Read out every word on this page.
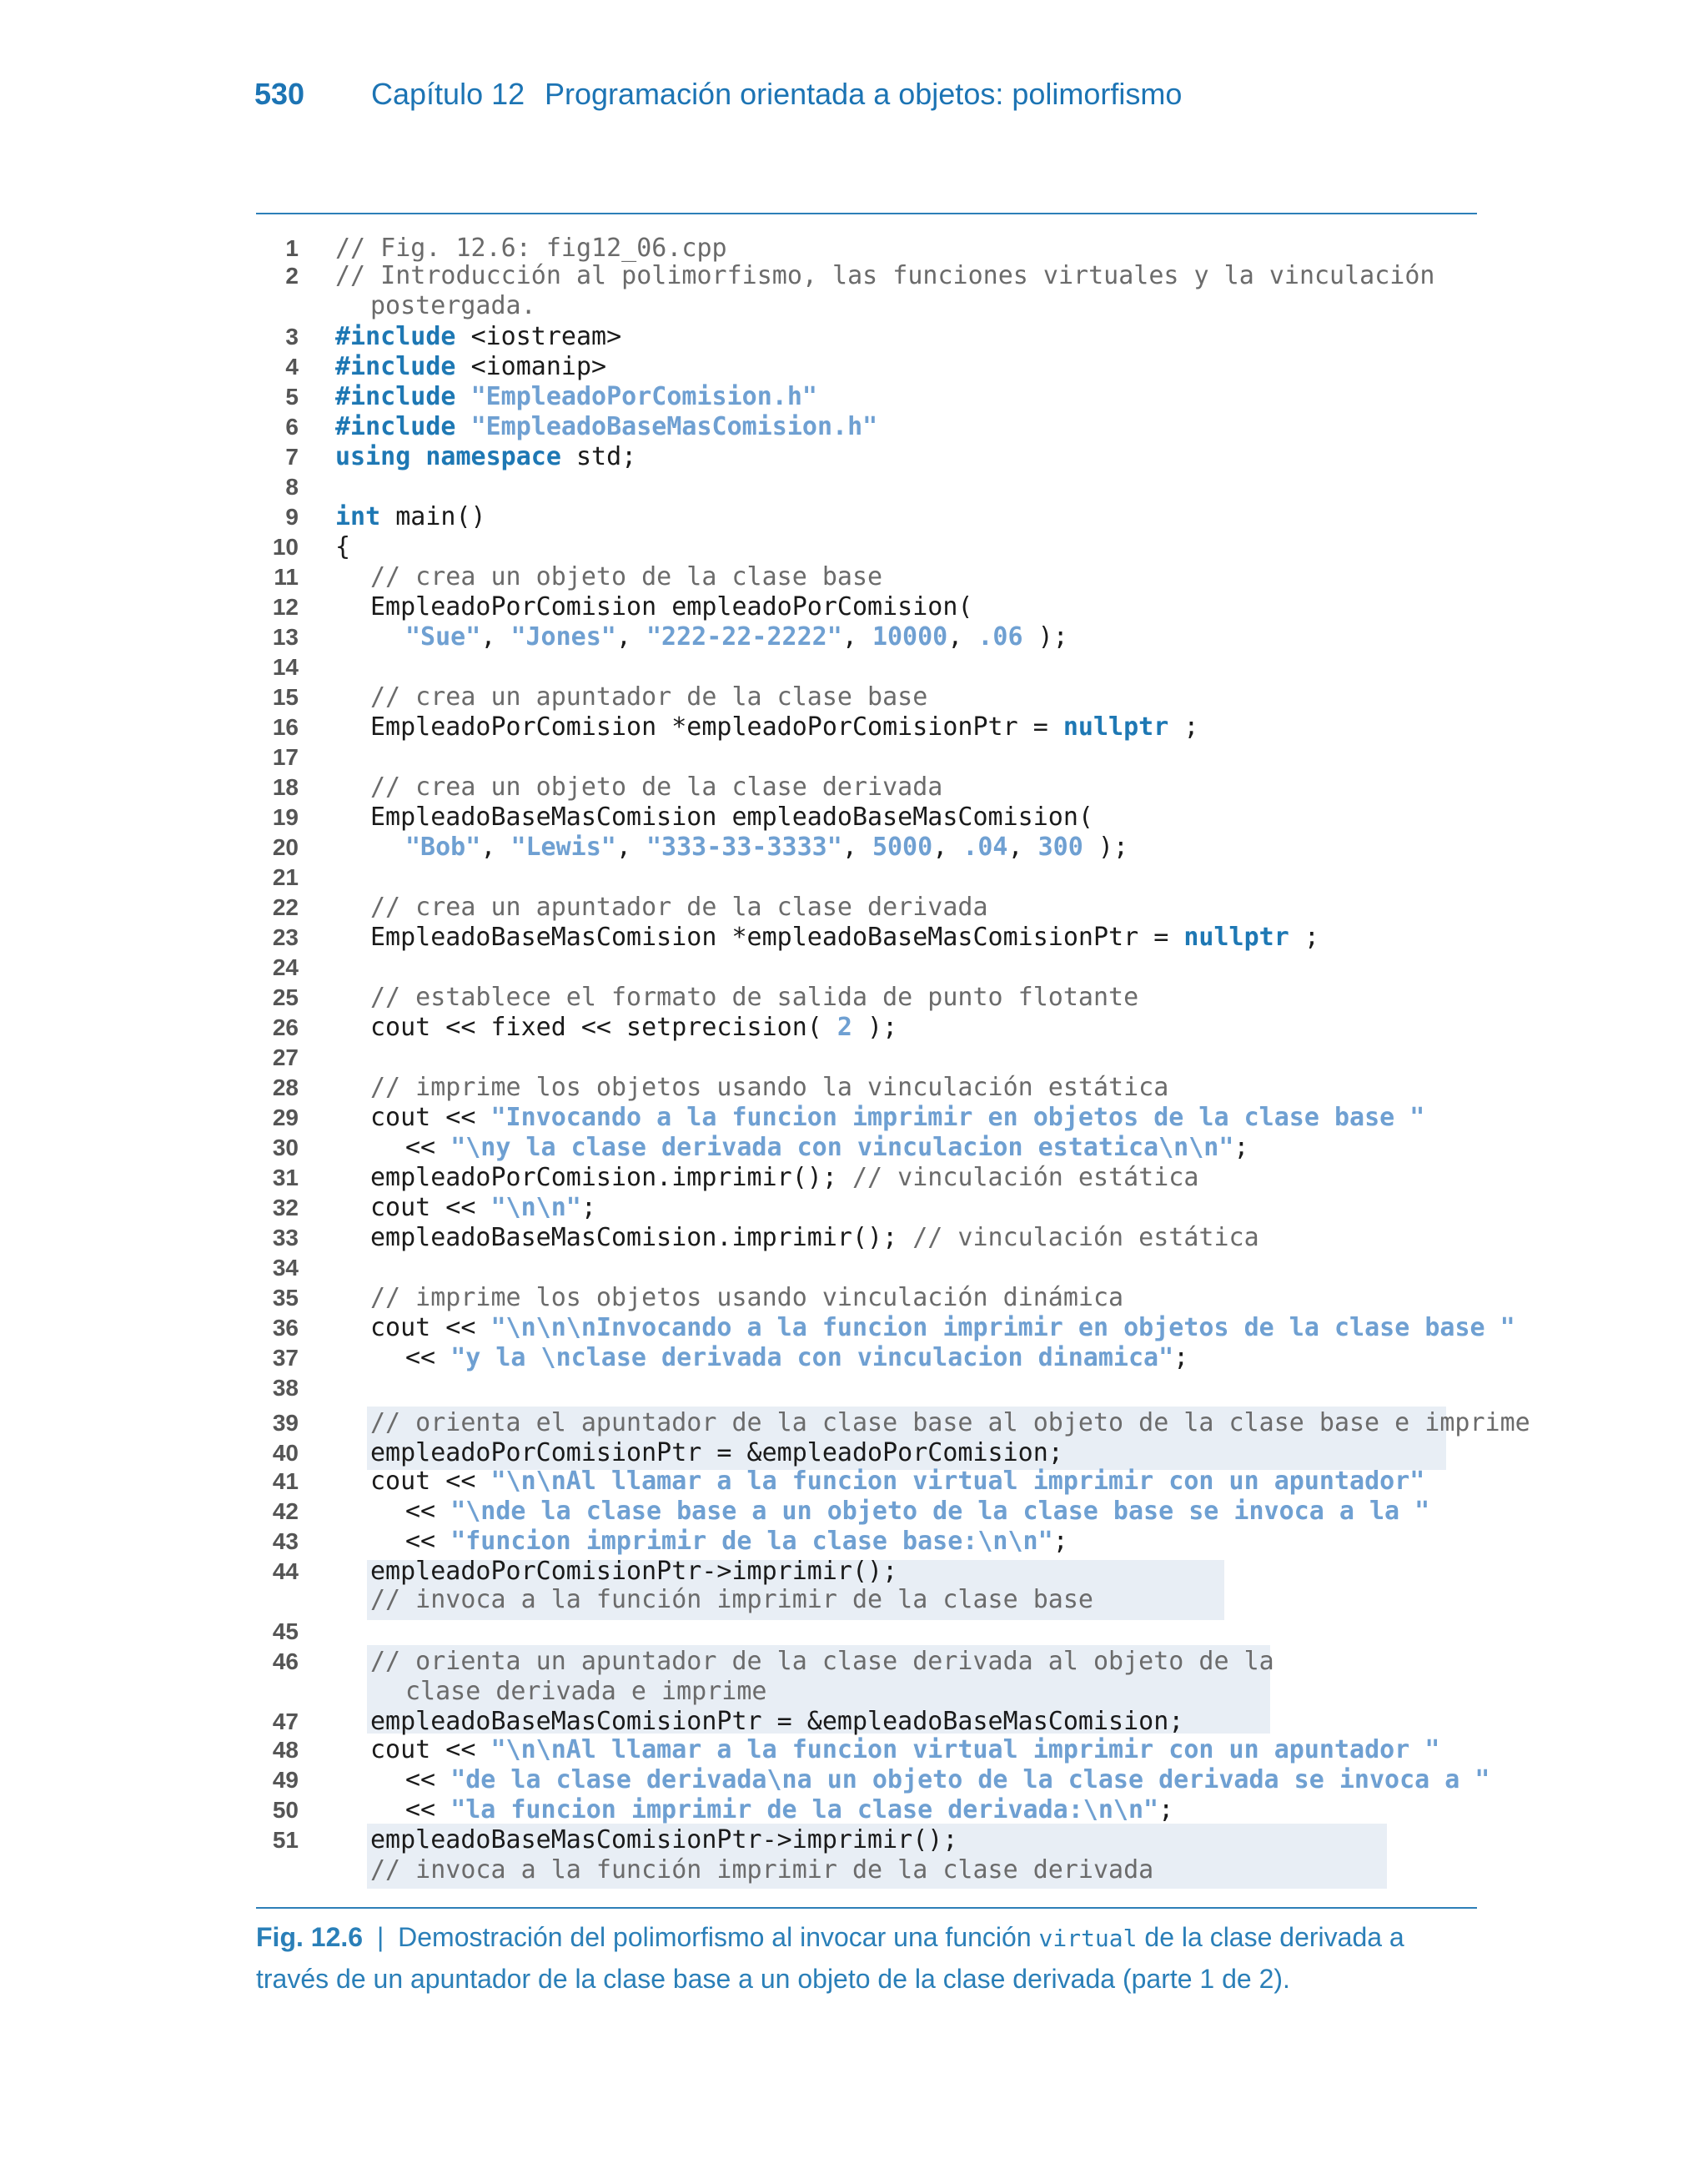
530 Capítulo 12 Programación orientada a objetos: polimorfismo
1 // Fig. 12.6: fig12_06.cpp
2 // Introducción al polimorfismo, las funciones virtuales y la vinculación
postergada.
3 #include <iostream>
4 #include <iomanip>
5 #include "EmpleadoPorComision.h"
6 #include "EmpleadoBaseMasComision.h"
7 using namespace std;
8
9 int main()
10 {
11	// crea un objeto de la clase base
12	EmpleadoPorComision empleadoPorComision(
13	"Sue", "Jones", "222-22-2222", 10000, .06 );
14
15	// crea un apuntador de la clase base
16	EmpleadoPorComision *empleadoPorComisionPtr = nullptr ;
17
18	// crea un objeto de la clase derivada
19	EmpleadoBaseMasComision empleadoBaseMasComision(
20	"Bob", "Lewis", "333-33-3333", 5000, .04, 300 );
21
22	// crea un apuntador de la clase derivada
23	EmpleadoBaseMasComision *empleadoBaseMasComisionPtr = nullptr ;
24
25	// establece el formato de salida de punto flotante
26	cout << fixed << setprecision( 2 );
27
28	// imprime los objetos usando la vinculación estática
29	cout << "Invocando a la funcion imprimir en objetos de la clase base "
30	<< "\ny la clase derivada con vinculacion estatica\n\n";
31	empleadoPorComision.imprimir(); // vinculación estática
32	cout << "\n\n";
33	empleadoBaseMasComision.imprimir(); // vinculación estática
34
35	// imprime los objetos usando vinculación dinámica
36	cout << "\n\n\nInvocando a la funcion imprimir en objetos de la clase base "
37	<< "y la \nclase derivada con vinculacion dinamica";
38
39	// orienta el apuntador de la clase base al objeto de la clase base e imprime
40	empleadoPorComisionPtr = &empleadoPorComision;
41	cout << "\n\nAl llamar a la funcion virtual imprimir con un apuntador"
42	<< "\nde la clase base a un objeto de la clase base se invoca a la "
43	<< "funcion imprimir de la clase base:\n\n";
44	empleadoPorComisionPtr->imprimir();
// invoca a la función imprimir de la clase base
45
46	// orienta un apuntador de la clase derivada al objeto de la
clase derivada e imprime
47	empleadoBaseMasComisionPtr = &empleadoBaseMasComision;
48	cout << "\n\nAl llamar a la funcion virtual imprimir con un apuntador "
49	<< "de la clase derivada\na un objeto de la clase derivada se invoca a "
50	<< "la funcion imprimir de la clase derivada:\n\n";
51	empleadoBaseMasComisionPtr->imprimir();
// invoca a la función imprimir de la clase derivada
Fig. 12.6 | Demostración del polimorfismo al invocar una función virtual de la clase derivada a través de un apuntador de la clase base a un objeto de la clase derivada (parte 1 de 2).
